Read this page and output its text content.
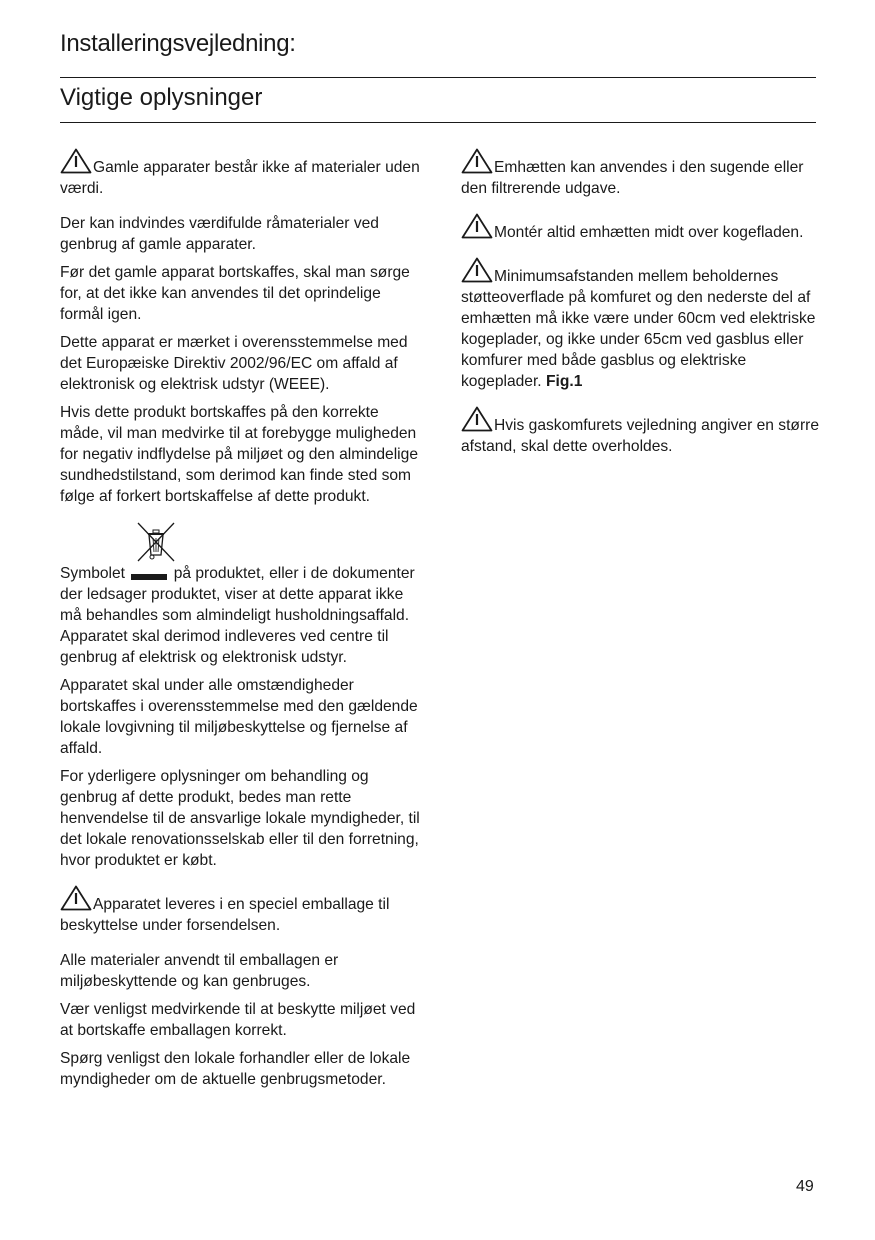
Installeringsvejledning:
Vigtige oplysninger

Gamle apparater består ikke af materialer uden værdi.

Der kan indvindes værdifulde råmaterialer ved genbrug af gamle apparater.

Før det gamle apparat bortskaffes, skal man sørge for, at det ikke kan anvendes til det oprindelige formål igen.

Dette apparat er mærket i overensstemmelse med det Europæiske Direktiv 2002/96/EC om affald af elektronisk og elektrisk udstyr (WEEE).

Hvis dette produkt bortskaffes på den korrekte måde, vil man medvirke til at forebygge muligheden for negativ indflydelse på miljøet og den almindelige sundhedstilstand, som derimod kan finde sted som følge af forkert bortskaffelse af dette produkt.

Symbolet	på produktet, eller i de dokumenter der ledsager produktet, viser at dette apparat ikke må behandles som almindeligt husholdningsaffald. Apparatet skal derimod indleveres ved centre til genbrug af elektrisk og elektronisk udstyr.

Apparatet skal under alle omstændigheder bortskaffes i overensstemmelse med den gældende lokale lovgivning til miljøbeskyttelse og fjernelse af affald.

For yderligere oplysninger om behandling og genbrug af dette produkt, bedes man rette henvendelse til de ansvarlige lokale myndigheder, til det lokale renovationsselskab eller til den forretning, hvor produktet er købt.

Apparatet leveres i en speciel emballage til beskyttelse under forsendelsen.

Alle materialer anvendt til emballagen er miljøbeskyttende og kan genbruges.

Vær venligst medvirkende til at beskytte miljøet ved at bortskaffe emballagen korrekt.

Spørg venligst den lokale forhandler eller de lokale myndigheder om de aktuelle genbrugsmetoder.

Emhætten kan anvendes i den sugende eller den filtrerende udgave.

Montér altid emhætten midt over kogefladen.

Minimumsafstanden mellem beholdernes støtteoverflade på komfuret og den nederste del af emhætten må ikke være under 60cm ved elektriske kogeplader, og ikke under 65cm ved gasblus eller komfurer med både gasblus og elektriske kogeplader. Fig.1

Hvis gaskomfurets vejledning angiver en større afstand, skal dette overholdes.

49
